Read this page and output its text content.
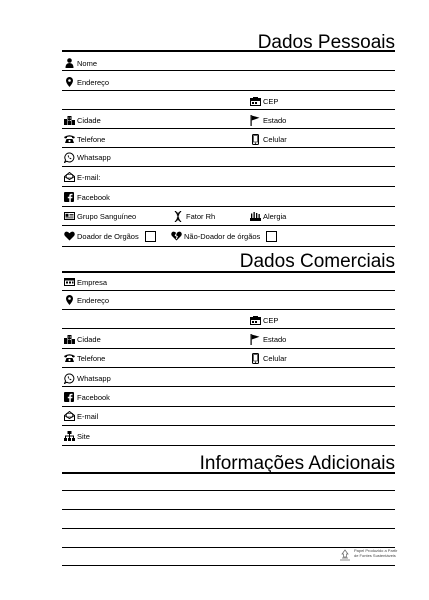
Dados Pessoais
Nome
Endereço
CEP
Cidade	Estado
Telefone	Celular
Whatsapp
E-mail:
Facebook
Grupo Sanguíneo	Fator Rh	Alergia
Doador de Orgãos	Não-Doador de órgãos
Dados Comerciais
Empresa
Endereço
CEP
Cidade	Estado
Telefone	Celular
Whatsapp
Facebook
E-mail
Site
Informações Adicionais
Papel Produzido a Partir
de Fontes Sustentáveis
